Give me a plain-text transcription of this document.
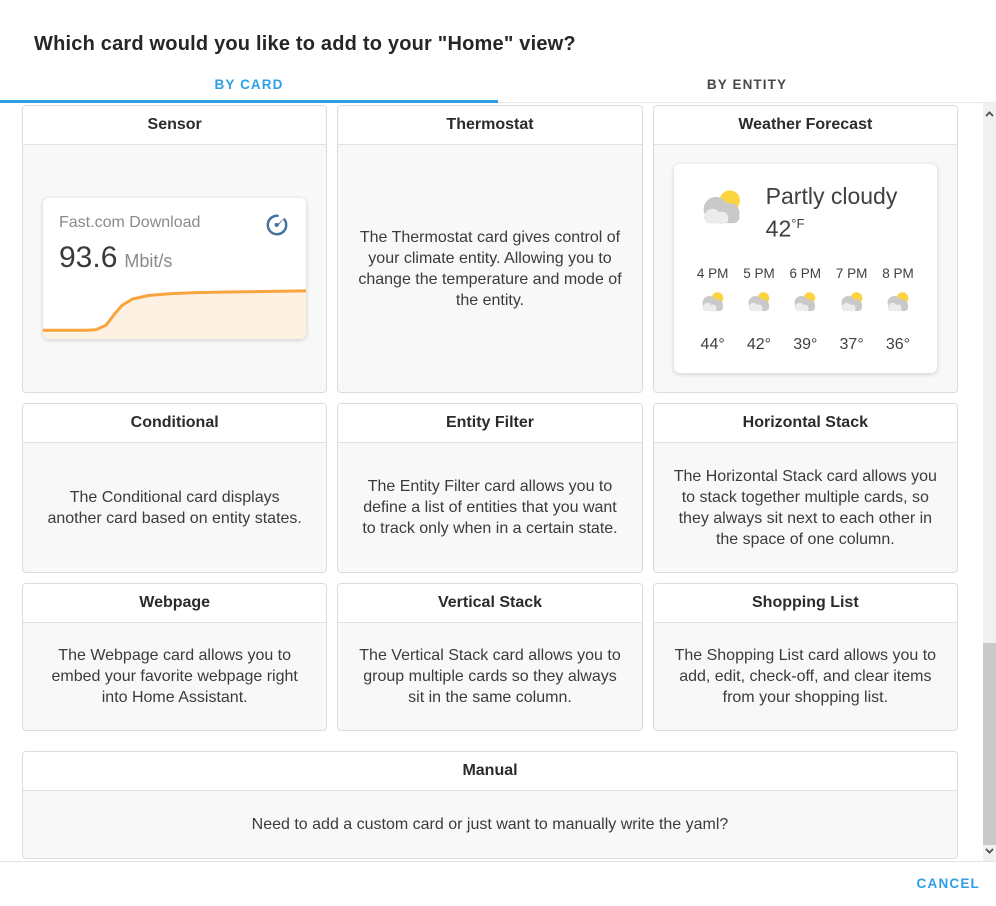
Which card would you like to add to your "Home" view?
BY CARD	BY ENTITY
Sensor
Fast.com Download
93.6 Mbit/s
Thermostat
The Thermostat card gives control of your climate entity. Allowing you to change the temperature and mode of the entity.
Weather Forecast
Partly cloudy
$42^{^\circ F}$
4 PM
44°
5 PM
42°
6 PM
39°
7 PM
37°
8 PM
36°
Conditional
The Conditional card displays another card based on entity states.
Entity Filter
The Entity Filter card allows you to define a list of entities that you want to track only when in a certain state.
Horizontal Stack
The Horizontal Stack card allows you to stack together multiple cards, so they always sit next to each other in the space of one column.
Webpage
The Webpage card allows you to embed your favorite webpage right into Home Assistant.
Vertical Stack
The Vertical Stack card allows you to group multiple cards so they always sit in the same column.
Shopping List
The Shopping List card allows you to add, edit, check-off, and clear items from your shopping list.
Manual
Need to add a custom card or just want to manually write the yaml?
CANCEL
